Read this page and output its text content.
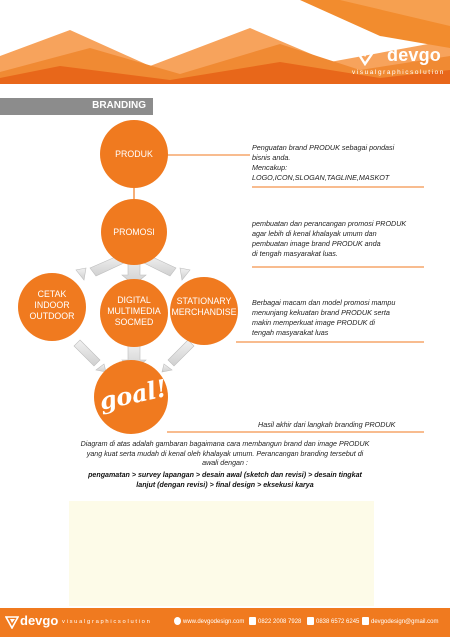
devgo
visualgraphicsolution
BRANDING
PRODUK
PROMOSI
CETAK
INDOOR
OUTDOOR
DIGITAL
MULTIMEDIA
SOCMED
STATIONARY
MERCHANDISE
goal!
Penguatan brand PRODUK sebagai pondasi
bisnis anda.
Mencakup:
LOGO,ICON,SLOGAN,TAGLINE,MASKOT
pembuatan dan perancangan promosi PRODUK
agar lebih di kenal khalayak umum dan
pembuatan image brand PRODUK anda
di tengah masyarakat luas.
Berbagai macam dan model promosi mampu
menunjang kekuatan brand PRODUK serta
makin memperkuat image PRODUK di
tengah masyarakat luas
Hasil akhir dari langkah branding PRODUK
Diagram di atas adalah gambaran bagaimana cara membangun brand dan image PRODUK
yang kuat serta mudah di kenal oleh khalayak umum. Perancangan branding tersebut di
awali dengan :
pengamatan > survey lapangan > desain awal (sketch dan revisi) > desain tingkat
lanjut (dengan revisi) > final design > eksekusi karya
devgo visualgraphicsolution	www.devgodesign.com 0822 2008 7928 0838 6572 6245 devgodesign@gmail.com
